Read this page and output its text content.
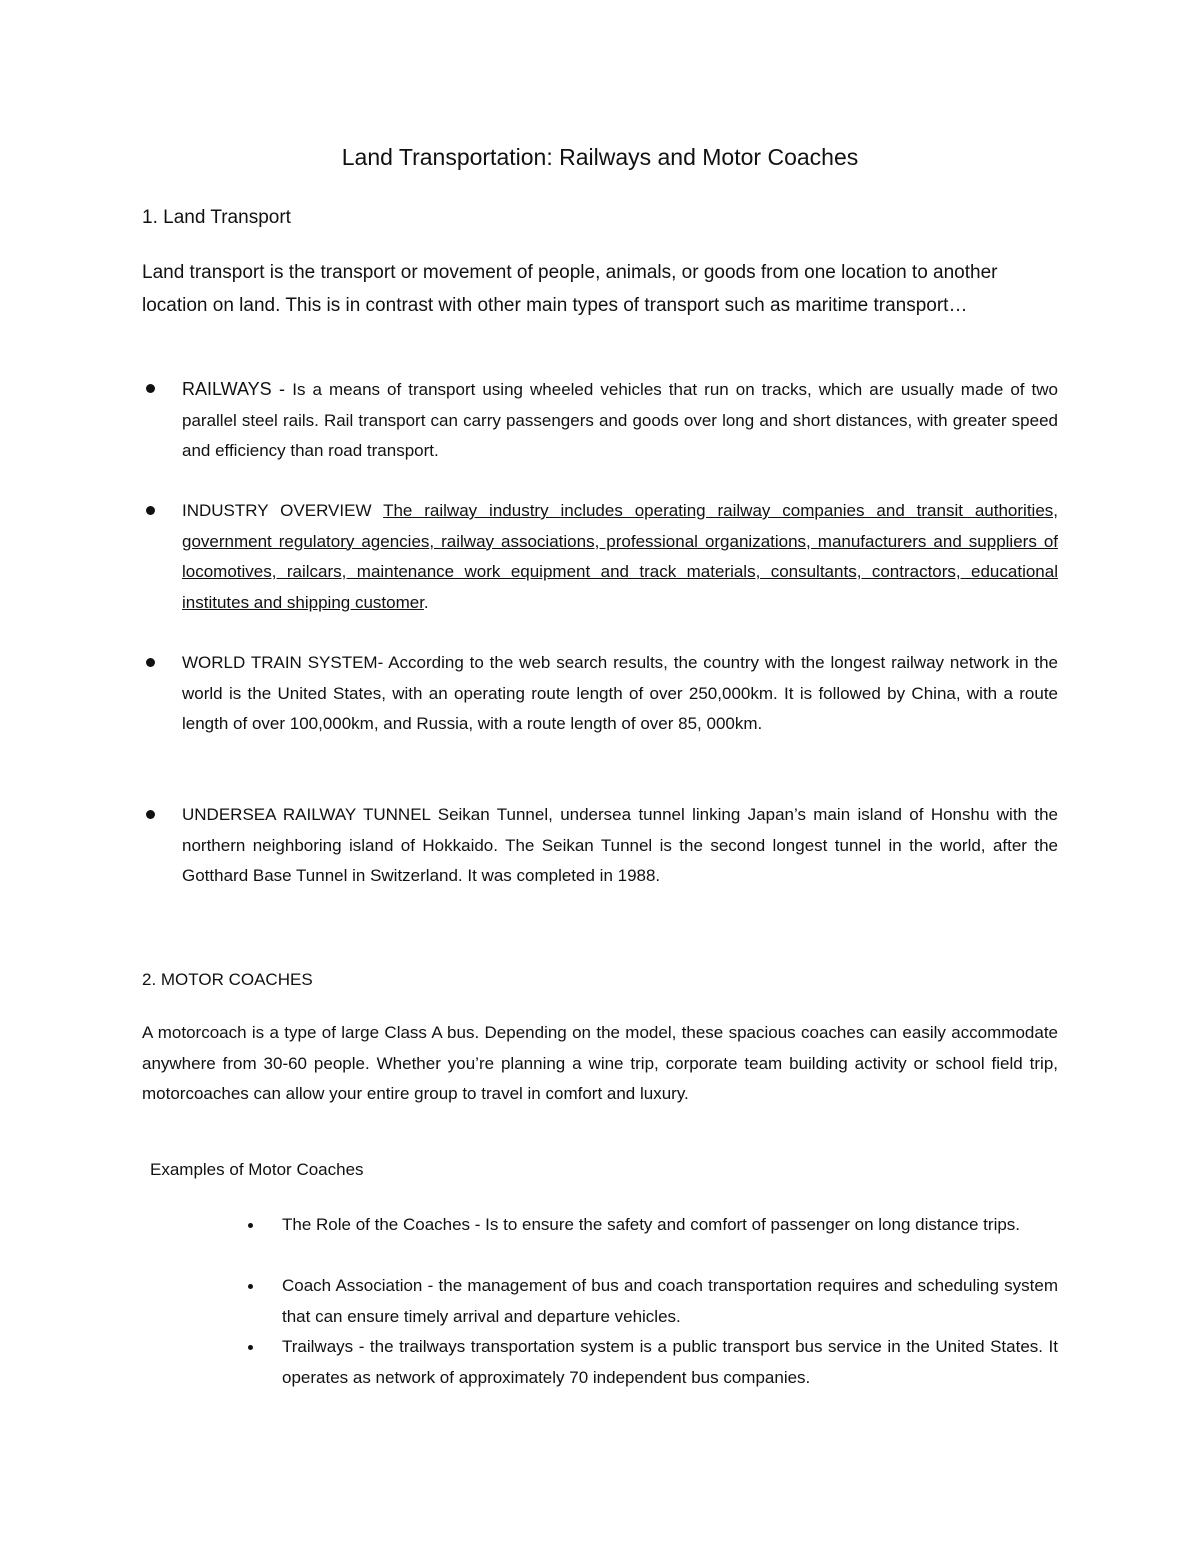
Land Transportation: Railways and Motor Coaches
1. Land Transport

Land transport is the transport or movement of people, animals, or goods from one location to another location on land. This is in contrast with other main types of transport such as maritime transport…

RAILWAYS - Is a means of transport using wheeled vehicles that run on tracks, which are usually made of two parallel steel rails. Rail transport can carry passengers and goods over long and short distances, with greater speed and efficiency than road transport.
INDUSTRY OVERVIEW The railway industry includes operating railway companies and transit authorities, government regulatory agencies, railway associations, professional organizations, manufacturers and suppliers of locomotives, railcars, maintenance work equipment and track materials, consultants, contractors, educational institutes and shipping customer.
WORLD TRAIN SYSTEM- According to the web search results, the country with the longest railway network in the world is the United States, with an operating route length of over 250,000km. It is followed by China, with a route length of over 100,000km, and Russia, with a route length of over 85, 000km.
UNDERSEA RAILWAY TUNNEL Seikan Tunnel, undersea tunnel linking Japan’s main island of Honshu with the northern neighboring island of Hokkaido. The Seikan Tunnel is the second longest tunnel in the world, after the Gotthard Base Tunnel in Switzerland. It was completed in 1988.
2. MOTOR COACHES

A motorcoach is a type of large Class A bus. Depending on the model, these spacious coaches can easily accommodate anywhere from 30-60 people. Whether you’re planning a wine trip, corporate team building activity or school field trip, motorcoaches can allow your entire group to travel in comfort and luxury.

Examples of Motor Coaches
The Role of the Coaches - Is to ensure the safety and comfort of passenger on long distance trips.
Coach Association - the management of bus and coach transportation requires and scheduling system that can ensure timely arrival and departure vehicles.
Trailways - the trailways transportation system is a public transport bus service in the United States. It operates as network of approximately 70 independent bus companies.
